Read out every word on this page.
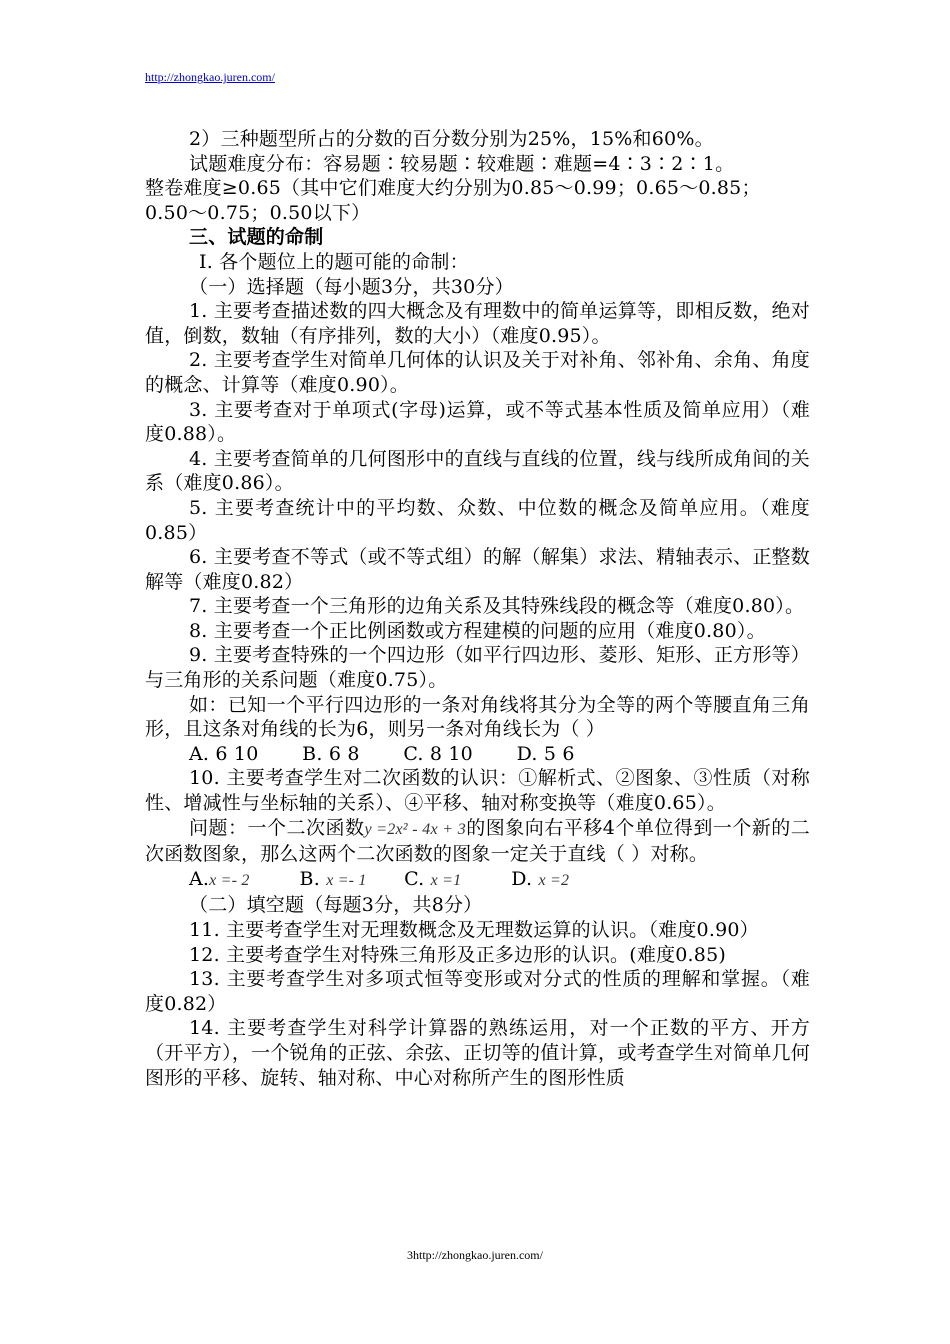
http://zhongkao.juren.com/

2）三种题型所占的分数的百分数分别为25%，15%和60%。

试题难度分布：容易题∶较易题∶较难题∶难题=4∶3∶2∶1。

整卷难度≥0.65（其中它们难度大约分别为0.85～0.99；0.65～0.85；

0.50～0.75；0.50以下）

三、试题的命制

Ⅰ. 各个题位上的题可能的命制：

（一）选择题（每小题3分，共30分）

1. 主要考查描述数的四大概念及有理数中的简单运算等，即相反数，绝对值，倒数，数轴（有序排列，数的大小）（难度0.95）。

2. 主要考查学生对简单几何体的认识及关于对补角、邻补角、余角、角度的概念、计算等（难度0.90）。

3. 主要考查对于单项式(字母)运算，或不等式基本性质及简单应用）（难度0.88）。

4. 主要考查简单的几何图形中的直线与直线的位置，线与线所成角间的关系（难度0.86）。

5. 主要考查统计中的平均数、众数、中位数的概念及简单应用。（难度0.85）

6. 主要考查不等式（或不等式组）的解（解集）求法、精轴表示、正整数解等（难度0.82）

7. 主要考查一个三角形的边角关系及其特殊线段的概念等（难度0.80）。

8. 主要考查一个正比例函数或方程建模的问题的应用（难度0.80）。

9. 主要考查特殊的一个四边形（如平行四边形、菱形、矩形、正方形等）与三角形的关系问题（难度0.75）。

如：已知一个平行四边形的一条对角线将其分为全等的两个等腰直角三角形，且这条对角线的长为6，则另一条对角线长为（ ）

A. 6 10       B. 6 8       C. 8 10       D. 5 6

10. 主要考查学生对二次函数的认识：①解析式、②图象、③性质（对称性、增减性与坐标轴的关系）、④平移、轴对称变换等（难度0.65）。

问题：一个二次函数y =2x² - 4x + 3的图象向右平移4个单位得到一个新的二次函数图象，那么这两个二次函数的图象一定关于直线（ ）对称。

A.x =- 2	B. x =- 1 C. x =1	D. x =2

（二）填空题（每题3分，共8分）

11. 主要考查学生对无理数概念及无理数运算的认识。（难度0.90）

12. 主要考查学生对特殊三角形及正多边形的认识。(难度0.85)

13. 主要考查学生对多项式恒等变形或对分式的性质的理解和掌握。（难度0.82）

14. 主要考查学生对科学计算器的熟练运用，对一个正数的平方、开方（开平方），一个锐角的正弦、余弦、正切等的值计算，或考查学生对简单几何图形的平移、旋转、轴对称、中心对称所产生的图形性质

3http://zhongkao.juren.com/
